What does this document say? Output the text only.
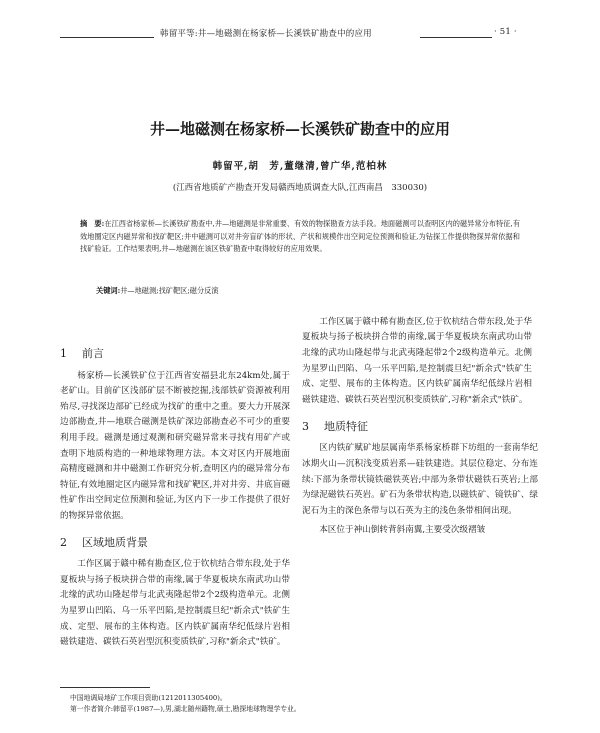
韩留平等:井—地磁测在杨家桥—长溪铁矿勘查中的应用	· 51 ·
井—地磁测在杨家桥—长溪铁矿勘查中的应用
韩留平,胡　芳,董继清,曾广华,范柏林
(江西省地质矿产勘查开发局赣西地质调查大队,江西南昌　330030)
摘　要:在江西省杨家桥—长溪铁矿勘查中,井—地磁测是非常重要、有效的物探勘查方法手段。地面磁测可以查明区内的磁异常分布特征,有效地圈定区内磁异常和找矿靶区;井中磁测可以对井旁盲矿体的形状、产状和规模作出空间定位预测和验证,为钻探工作提供物探异常依据和找矿验证。工作结果表明,井—地磁测在该区铁矿勘查中取得较好的应用效果。
关键词:井—地磁测;找矿靶区;磁分反演
1 前言

杨家桥—长溪铁矿位于江西省安福县北东24km处,属于老矿山。目前矿区浅部矿层不断被挖掘,浅部铁矿资源被利用殆尽,寻找深边部矿已经成为找矿的重中之重。要大力开展深边部勘查,井—地联合磁测是铁矿深边部勘查必不可少的重要利用手段。磁测是通过观测和研究磁异常来寻找有用矿产或查明下地质构造的一种地球物理方法。本文对区内开展地面高精度磁测和井中磁测工作研究分析,查明区内的磁异常分布特征,有效地圈定区内磁异常和找矿靶区,并对井旁、井底盲磁性矿作出空间定位预测和验证,为区内下一步工作提供了很好的物探异常依据。

2 区域地质背景

工作区属于赣中稀有勘查区,位于钦杭结合带东段,处于华夏板块与扬子板块拼合带的南缘,属于华夏板块东南武功山带北缘的武功山隆起带与北武夷隆起带2个2级构造单元。北侧为星罗山凹陷、乌一乐平凹陷,是控制震旦纪"新余式"铁矿生成、定型、展布的主体构造。区内铁矿属南华纪低绿片岩相磁铁建造、碳铁石英岩型沉积变质铁矿,习称"新余式"铁矿。

工作区属于赣中稀有勘查区,位于钦杭结合带东段,处于华夏板块与扬子板块拼合带的南缘,属于华夏板块东南武功山带北缘的武功山隆起带与北武夷隆起带2个2级构造单元。北侧为星罗山凹陷、乌一乐平凹陷,是控制震旦纪"新余式"铁矿生成、定型、展布的主体构造。区内铁矿属南华纪低绿片岩相磁铁建造、碳铁石英岩型沉积变质铁矿,习称"新余式"铁矿。

3 地质特征

区内铁矿赋矿地层属南华系杨家桥群下坊组的一套南华纪冰期火山—沉积浅变质岩系—硅铁建造。其层位稳定、分布连续:下部为条带状镜铁磁铁英岩;中部为条带状磁铁石英岩;上部为绿泥磁铁石英岩。矿石为条带状构造,以磁铁矿、镜铁矿、绿泥石为主的深色条带与以石英为主的浅色条带相间出现。

本区位于神山倒转背斜南翼,主要受次级褶皱

中国地调局地矿工作项目资助(1212011305400)。
第一作者简介:韩留平(1987—),男,湖北随州籍物,硕士,勘探地球物理学专业。
